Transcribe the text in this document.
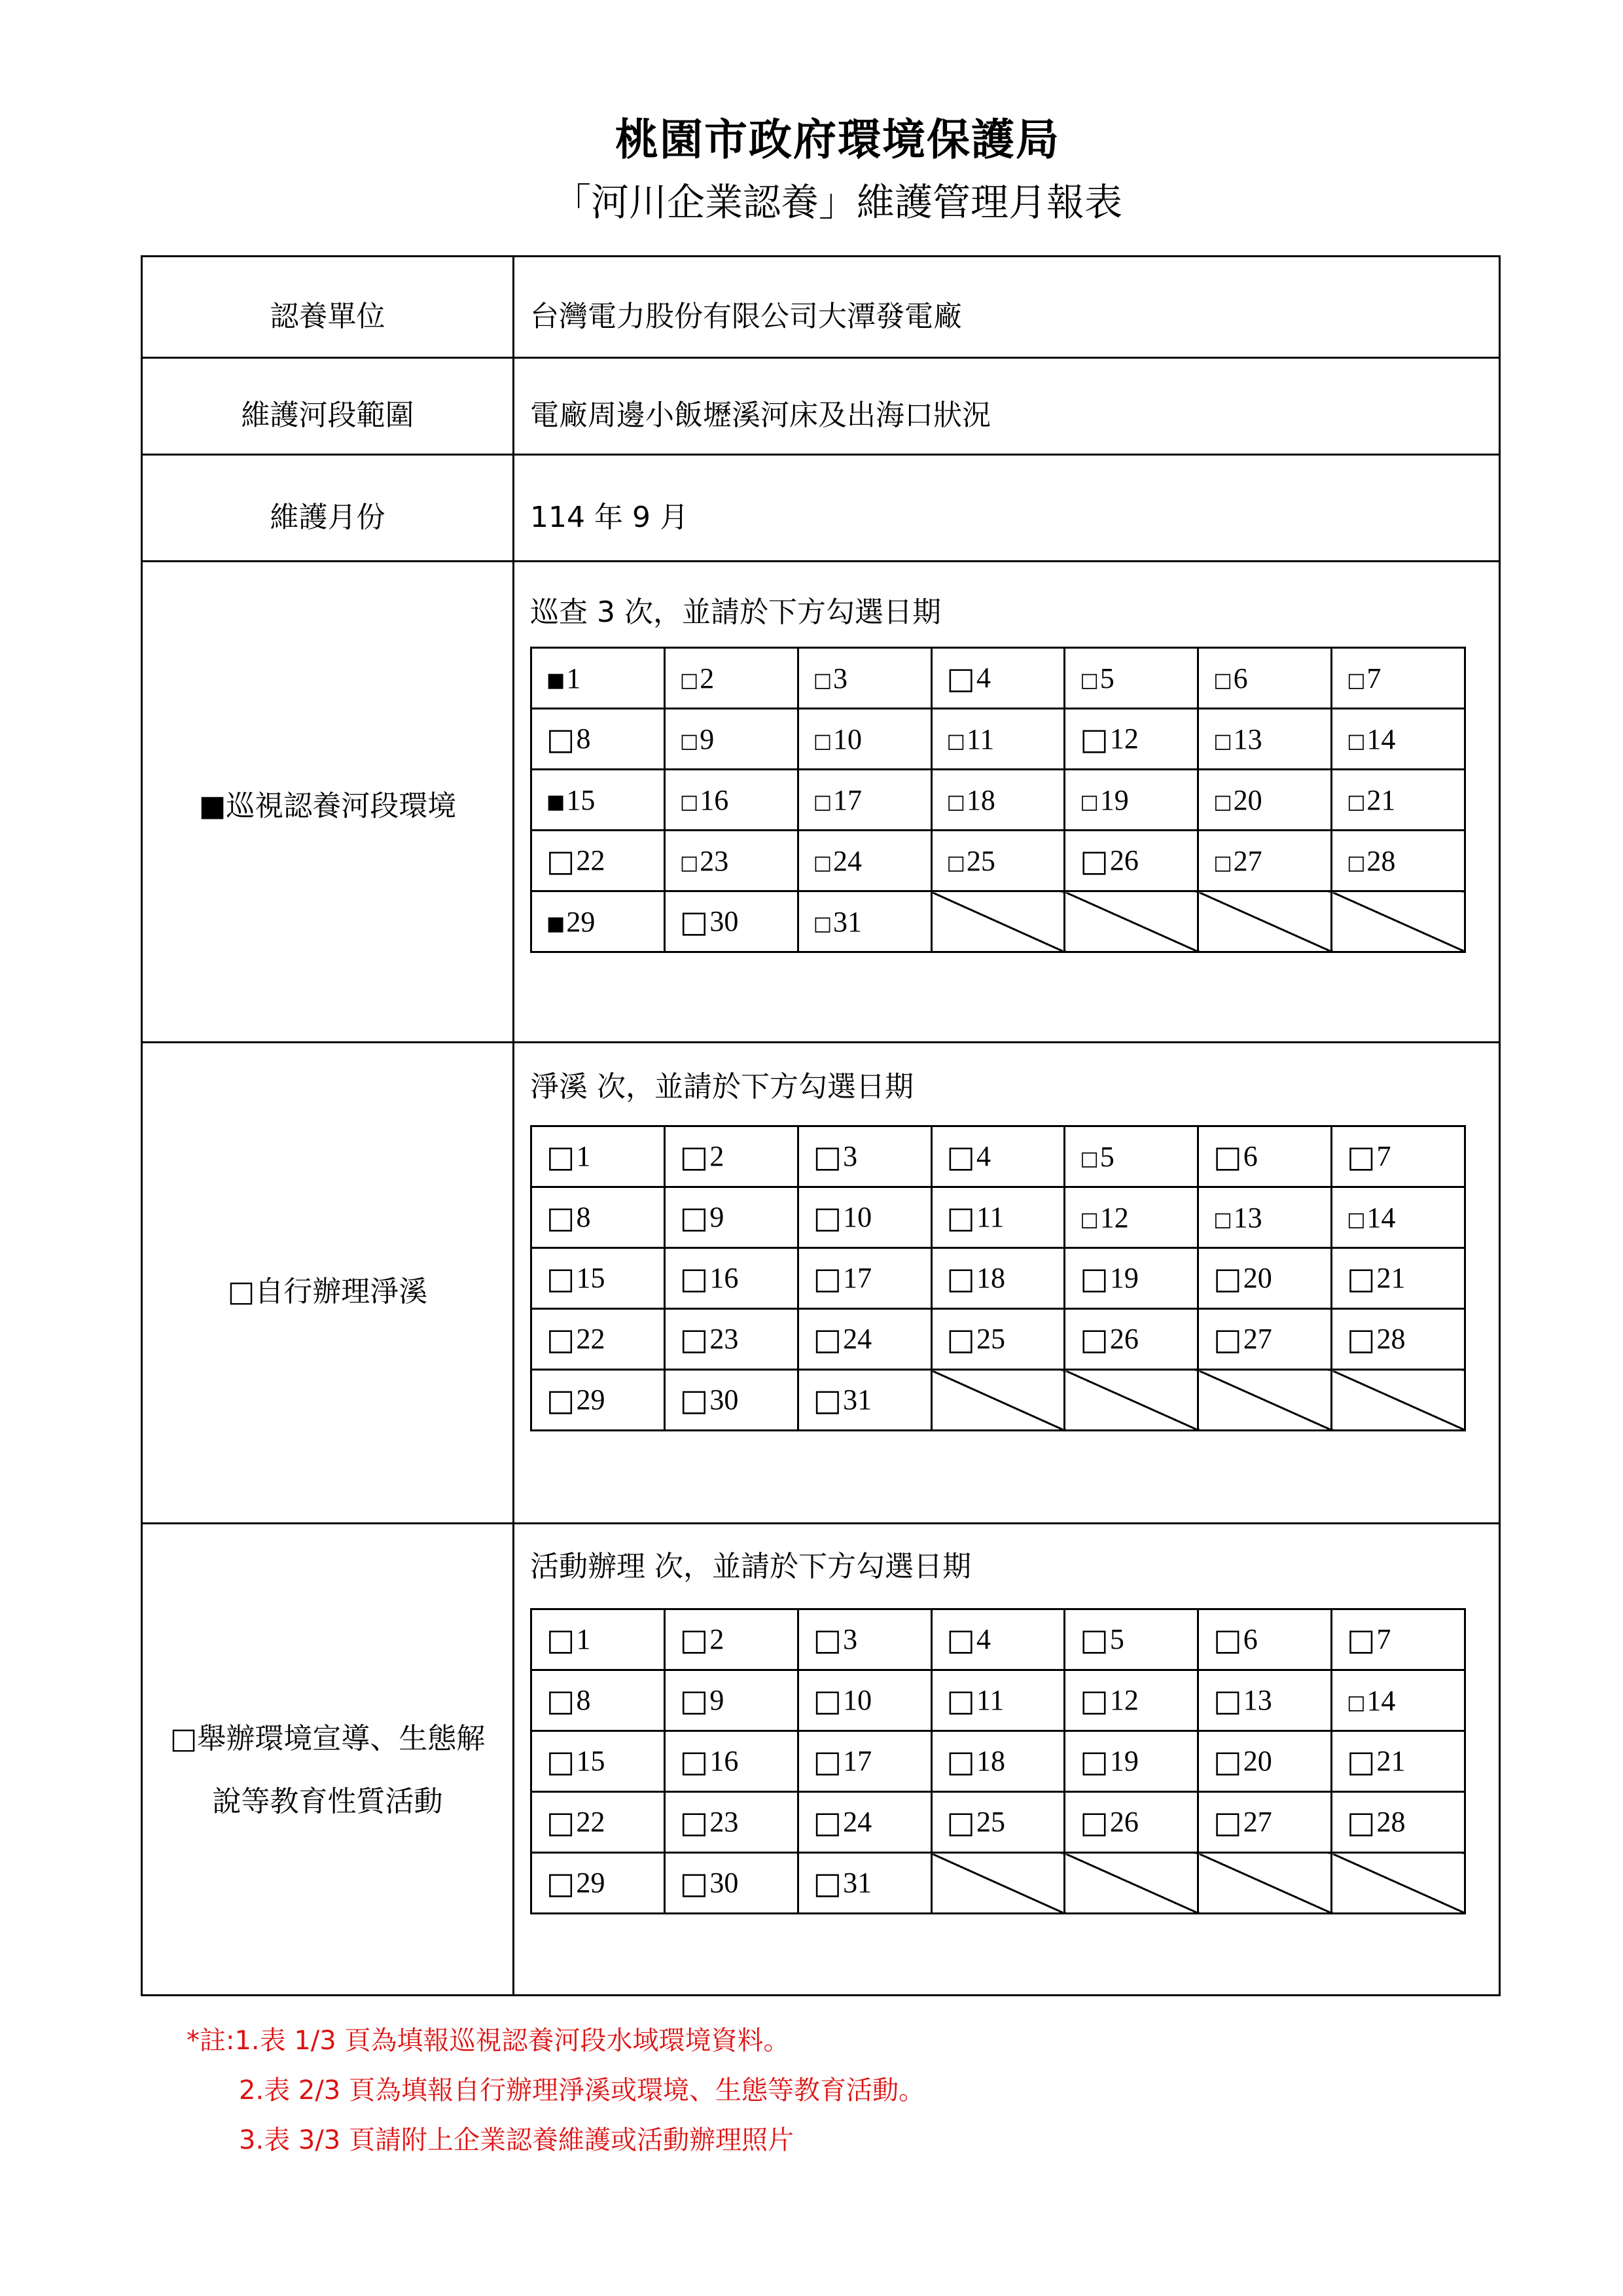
桃園市政府環境保護局
「河川企業認養」維護管理月報表
認養單位	台灣電力股份有限公司大潭發電廠
維護河段範圍	電廠周邊小飯壢溪河床及出海口狀況
維護月份	114 年 9 月
■巡視認養河段環境
巡查 3 次，並請於下方勾選日期
■1	□2	□3	□4	□5	□6	□7
□8	□9	□10	□11	□12	□13	□14
■15	□16	□17	□18	□19	□20	□21
□22	□23	□24	□25	□26	□27	□28
■29	□30	□31				
□自行辦理淨溪
淨溪 次，並請於下方勾選日期
□1	□2	□3	□4	□5	□6	□7
□8	□9	□10	□11	□12	□13	□14
□15	□16	□17	□18	□19	□20	□21
□22	□23	□24	□25	□26	□27	□28
□29	□30	□31				
□舉辦環境宣導、生態解
說等教育性質活動
活動辦理 次，並請於下方勾選日期
□1	□2	□3	□4	□5	□6	□7
□8	□9	□10	□11	□12	□13	□14
□15	□16	□17	□18	□19	□20	□21
□22	□23	□24	□25	□26	□27	□28
□29	□30	□31				
*註:1.表 1/3 頁為填報巡視認養河段水域環境資料。
2.表 2/3 頁為填報自行辦理淨溪或環境、生態等教育活動。
3.表 3/3 頁請附上企業認養維護或活動辦理照片
